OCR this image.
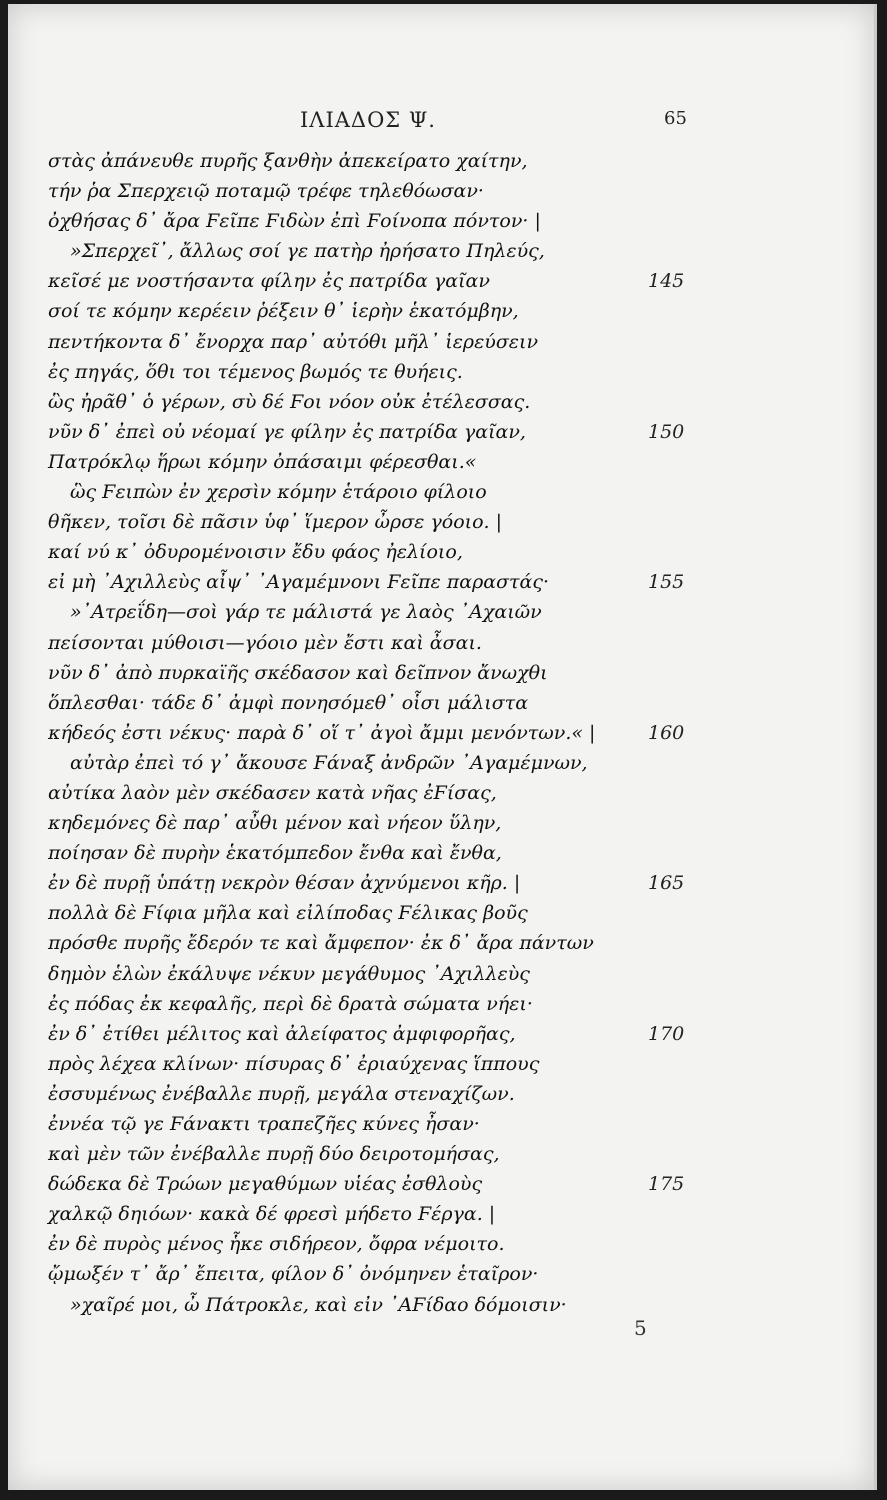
ΙΛΙΑΔΟΣ Ψ.	65
στὰς ἀπάνευθε πυρῆς ξανθὴν ἀπεκείρατο χαίτην,
τήν ῥα Σπερχειῷ ποταμῷ τρέφε τηλεθόωσαν·
ὀχθήσας δ᾽ ἄρα Ϝεῖπε Ϝιδὼν ἐπὶ Ϝοίνοπα πόντον· |
»Σπερχεῖ᾽, ἄλλως σοί γε πατὴρ ἠρήσατο Πηλεύς,
κεῖσέ με νοστήσαντα φίλην ἐς πατρίδα γαῖαν
σοί τε κόμην κερέειν ῥέξειν θ᾽ ἱερὴν ἑκατόμβην,
πεντήκοντα δ᾽ ἔνορχα παρ᾽ αὐτόθι μῆλ᾽ ἱερεύσειν
ἐς πηγάς, ὅθι τοι τέμενος βωμός τε θυήεις.
ὣς ἠρᾶθ᾽ ὁ γέρων, σὺ δέ Ϝοι νόον οὐκ ἐτέλεσσας.
νῦν δ᾽ ἐπεὶ οὐ νέομαί γε φίλην ἐς πατρίδα γαῖαν,
Πατρόκλῳ ἥρωι κόμην ὀπάσαιμι φέρεσθαι.«
ὣς Ϝειπὼν ἐν χερσὶν κόμην ἑτάροιο φίλοιο
θῆκεν, τοῖσι δὲ πᾶσιν ὑφ᾽ ἵμερον ὦρσε γόοιο. |
καί νύ κ᾽ ὀδυρομένοισιν ἔδυ φάος ἠελίοιο,
εἰ μὴ ᾽Αχιλλεὺς αἶψ᾽ ᾽Αγαμέμνονι Ϝεῖπε παραστάς·
»᾽Ατρεΐδη—σοὶ γάρ τε μάλιστά γε λαὸς ᾽Αχαιῶν
πείσονται μύθοισι—γόοιο μὲν ἔστι καὶ ἆσαι.
νῦν δ᾽ ἀπὸ πυρκαϊῆς σκέδασον καὶ δεῖπνον ἄνωχθι
ὅπλεσθαι· τάδε δ᾽ ἀμφὶ πονησόμεθ᾽ οἷσι μάλιστα
κήδεός ἐστι νέκυς· παρὰ δ᾽ οἵ τ᾽ ἀγοὶ ἄμμι μενόντων.« |
αὐτὰρ ἐπεὶ τό γ᾽ ἄκουσε Ϝάναξ ἀνδρῶν ᾽Αγαμέμνων,
αὐτίκα λαὸν μὲν σκέδασεν κατὰ νῆας ἐϜίσας,
κηδεμόνες δὲ παρ᾽ αὖθι μένον καὶ νήεον ὕλην,
ποίησαν δὲ πυρὴν ἑκατόμπεδον ἔνθα καὶ ἔνθα,
ἐν δὲ πυρῇ ὑπάτῃ νεκρὸν θέσαν ἀχνύμενοι κῆρ. |
πολλὰ δὲ Ϝίφια μῆλα καὶ εἰλίποδας Ϝέλικας βοῦς
πρόσθε πυρῆς ἔδερόν τε καὶ ἄμφεπον· ἐκ δ᾽ ἄρα πάντων
δημὸν ἑλὼν ἐκάλυψε νέκυν μεγάθυμος ᾽Αχιλλεὺς
ἐς πόδας ἐκ κεφαλῆς, περὶ δὲ δρατὰ σώματα νήει·
ἐν δ᾽ ἐτίθει μέλιτος καὶ ἀλείφατος ἀμφιφορῆας,
πρὸς λέχεα κλίνων· πίσυρας δ᾽ ἐριαύχενας ἵππους
ἐσσυμένως ἐνέβαλλε πυρῇ, μεγάλα στεναχίζων.
ἐννέα τῷ γε Ϝάνακτι τραπεζῆες κύνες ἦσαν·
καὶ μὲν τῶν ἐνέβαλλε πυρῇ δύο δειροτομήσας,
δώδεκα δὲ Τρώων μεγαθύμων υἱέας ἐσθλοὺς
χαλκῷ δηιόων· κακὰ δέ φρεσὶ μήδετο Ϝέργα. |
ἐν δὲ πυρὸς μένος ἧκε σιδήρεον, ὄφρα νέμοιτο.
ᾤμωξέν τ᾽ ἄρ᾽ ἔπειτα, φίλον δ᾽ ὀνόμηνεν ἑταῖρον·
»χαῖρέ μοι, ὦ Πάτροκλε, καὶ εἰν ᾽ΑϜίδαο δόμοισιν·
145
150
155
160
165
170
175
5
